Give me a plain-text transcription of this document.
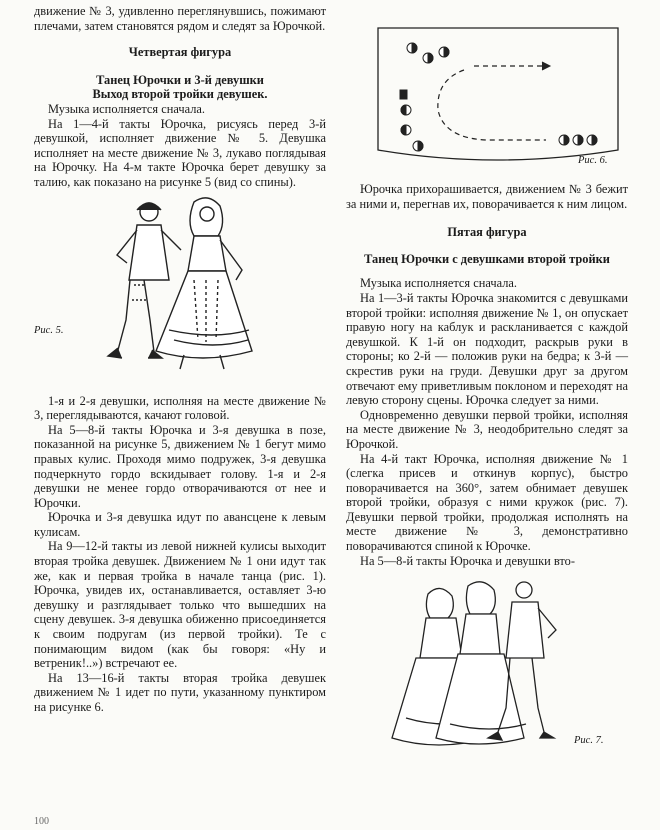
движение № 3, удивленно переглянувшись, пожимают плечами, затем становятся рядом и следят за Юрочкой.

Четвертая фигура
Танец Юрочки и 3-й девушки
Выход второй тройки девушек.

Музыка исполняется сначала.

На 1—4-й такты Юрочка, рисуясь перед 3-й девушкой, исполняет движение № 5. Девушка исполняет на месте движение № 3, лукаво поглядывая на Юрочку. На 4-м такте Юрочка берет девушку за талию, как показано на рисунке 5 (вид со спины).

Рис. 5.

1-я и 2-я девушки, исполняя на месте движение № 3, переглядываются, качают головой.

На 5—8-й такты Юрочка и 3-я девушка в позе, показанной на рисунке 5, движением № 1 бегут мимо правых кулис. Проходя мимо подружек, 3-я девушка подчеркнуто гордо вскидывает голову. 1-я и 2-я девушки не менее гордо отворачиваются от нее и Юрочки.

Юрочка и 3-я девушка идут по авансцене к левым кулисам.

На 9—12-й такты из левой нижней кулисы выходит вторая тройка девушек. Движением № 1 они идут так же, как и первая тройка в начале танца (рис. 1). Юрочка, увидев их, останавливается, оставляет 3-ю девушку и разглядывает только что вышедших на сцену девушек. 3-я девушка обиженно присоединяется к своим подругам (из первой тройки). Те с понимающим видом (как бы говоря: «Ну и ветреник!..») встречают ее.

На 13—16-й такты вторая тройка девушек движением № 1 идет по пути, указанному пунктиром на рисунке 6.

Рис. 6.

Юрочка прихорашивается, движением № 3 бежит за ними и, перегнав их, поворачивается к ним лицом.

Пятая фигура
Танец Юрочки с девушками второй тройки

Музыка исполняется сначала.

На 1—3-й такты Юрочка знакомится с девушками второй тройки: исполняя движение № 1, он опускает правую ногу на каблук и раскланивается с каждой девушкой. К 1-й он подходит, раскрыв руки в стороны; ко 2-й — положив руки на бедра; к 3-й — скрестив руки на груди. Девушки друг за другом отвечают ему приветливым поклоном и переходят на левую сторону сцены. Юрочка следует за ними.

Одновременно девушки первой тройки, исполняя на месте движение № 3, неодобрительно следят за Юрочкой.

На 4-й такт Юрочка, исполняя движение № 1 (слегка присев и откинув корпус), быстро поворачивается на 360°, затем обнимает девушек второй тройки, образуя с ними кружок (рис. 7). Девушки первой тройки, продолжая исполнять на месте движение № 3, демонстративно поворачиваются спиной к Юрочке.

На 5—8-й такты Юрочка и девушки вто-

Рис. 7.
100
